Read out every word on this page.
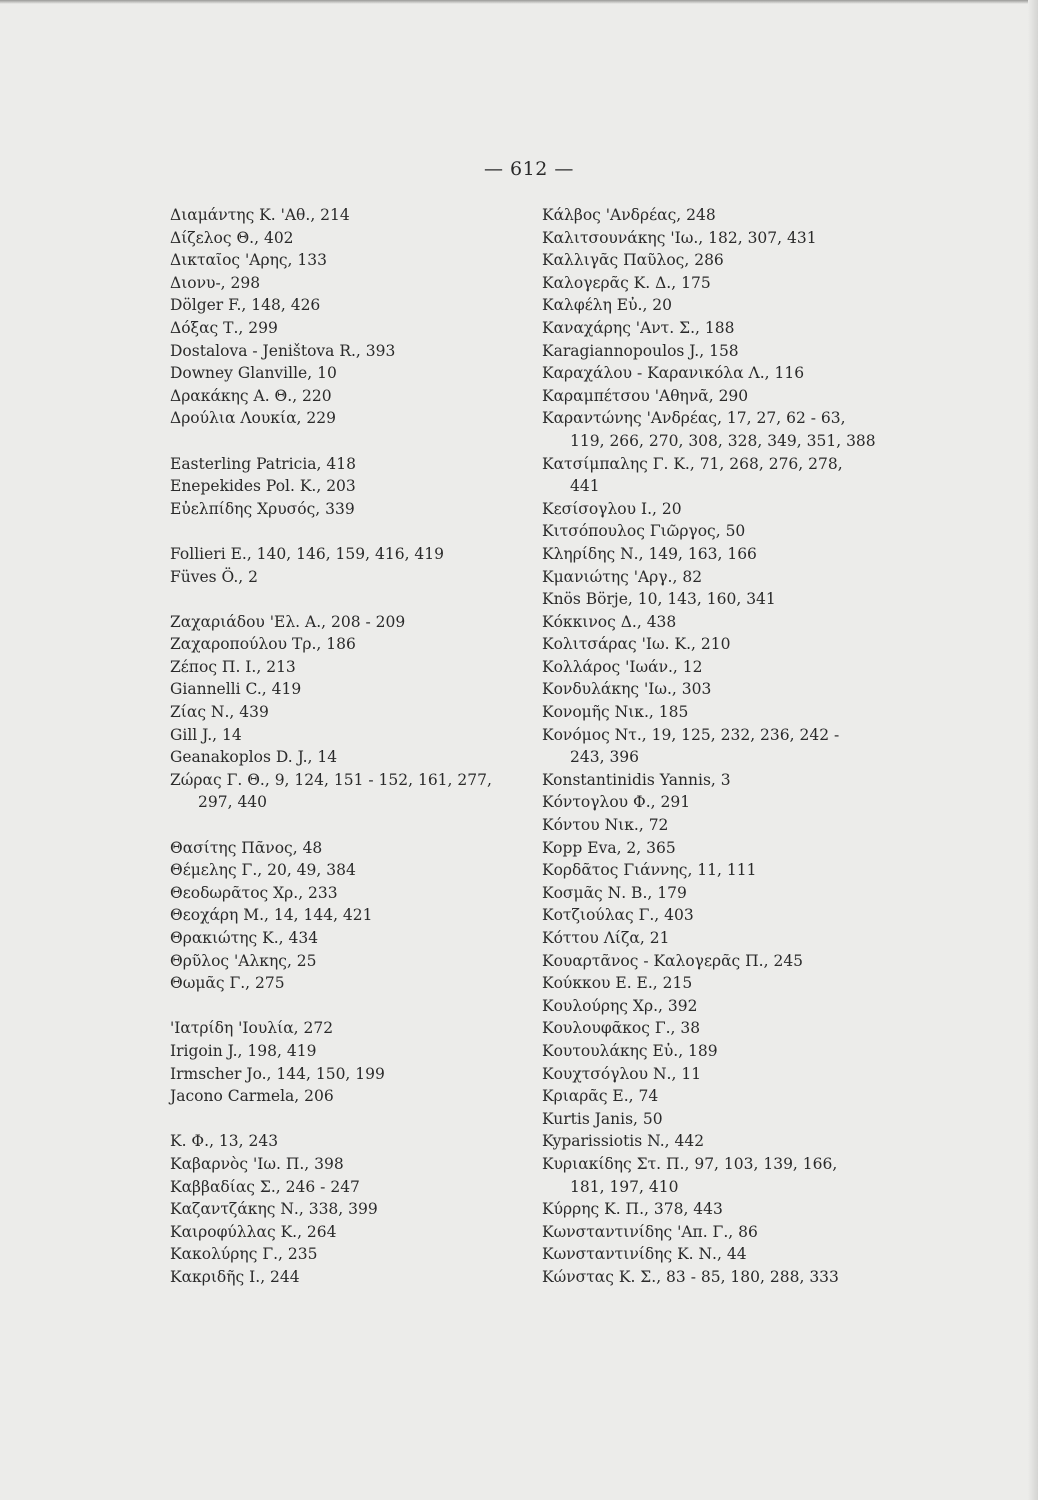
— 612 —
Διαμάντης Κ. 'Αθ., 214
Δίζελος Θ., 402
Δικταῖος 'Αρης, 133
Διονυ-, 298
Dölger F., 148, 426
Δόξας Τ., 299
Dostalova - Jeništova R., 393
Downey Glanville, 10
Δρακάκης Α. Θ., 220
Δρούλια Λουκία, 229
Easterling Patricia, 418
Enepekides Pol. K., 203
Εὐελπίδης Χρυσός, 339
Follieri E., 140, 146, 159, 416, 419
Füves Ö., 2
Ζαχαριάδου 'Ελ. Α., 208 - 209
Ζαχαροπούλου Τρ., 186
Ζέπος Π. Ι., 213
Giannelli C., 419
Ζίας Ν., 439
Gill J., 14
Geanakoplos D. J., 14
Ζώρας Γ. Θ., 9, 124, 151 - 152, 161, 277,
297, 440
Θασίτης Πᾶνος, 48
Θέμελης Γ., 20, 49, 384
Θεοδωρᾶτος Χρ., 233
Θεοχάρη Μ., 14, 144, 421
Θρακιώτης Κ., 434
Θρῦλος 'Αλκης, 25
Θωμᾶς Γ., 275
'Ιατρίδη 'Ιουλία, 272
Irigoin J., 198, 419
Irmscher Jo., 144, 150, 199
Jacono Carmela, 206
Κ. Φ., 13, 243
Καβαρνὸς 'Ιω. Π., 398
Καββαδίας Σ., 246 - 247
Καζαντζάκης Ν., 338, 399
Καιροφύλλας Κ., 264
Κακολύρης Γ., 235
Κακριδῆς Ι., 244
Κάλβος 'Ανδρέας, 248
Καλιτσουνάκης 'Ιω., 182, 307, 431
Καλλιγᾶς Παῦλος, 286
Καλογερᾶς Κ. Δ., 175
Καλφέλη Εὐ., 20
Καναχάρης 'Αντ. Σ., 188
Karagiannopoulos J., 158
Καραχάλου - Καρανικόλα Λ., 116
Καραμπέτσου 'Αθηνᾶ, 290
Καραντώνης 'Ανδρέας, 17, 27, 62 - 63,
119, 266, 270, 308, 328, 349, 351, 388
Κατσίμπαλης Γ. Κ., 71, 268, 276, 278,
441
Κεσίσογλου Ι., 20
Κιτσόπουλος Γιῶργος, 50
Κληρίδης Ν., 149, 163, 166
Κμανιώτης 'Αργ., 82
Knös Börje, 10, 143, 160, 341
Κόκκινος Δ., 438
Κολιτσάρας 'Ιω. Κ., 210
Κολλάρος 'Ιωάν., 12
Κονδυλάκης 'Ιω., 303
Κονομῆς Νικ., 185
Κονόμος Ντ., 19, 125, 232, 236, 242 -
243, 396
Konstantinidis Yannis, 3
Κόντογλου Φ., 291
Κόντου Νικ., 72
Kopp Eva, 2, 365
Κορδᾶτος Γιάννης, 11, 111
Κοσμᾶς Ν. Β., 179
Κοτζιούλας Γ., 403
Κόττου Λίζα, 21
Κουαρτᾶνος - Καλογερᾶς Π., 245
Κούκκου Ε. Ε., 215
Κουλούρης Χρ., 392
Κουλουφᾶκος Γ., 38
Κουτουλάκης Εὐ., 189
Κουχτσόγλου Ν., 11
Κριαρᾶς Ε., 74
Kurtis Janis, 50
Kyparissiotis N., 442
Κυριακίδης Στ. Π., 97, 103, 139, 166,
181, 197, 410
Κύρρης Κ. Π., 378, 443
Κωνσταντινίδης 'Απ. Γ., 86
Κωνσταντινίδης Κ. Ν., 44
Κώνστας Κ. Σ., 83 - 85, 180, 288, 333
